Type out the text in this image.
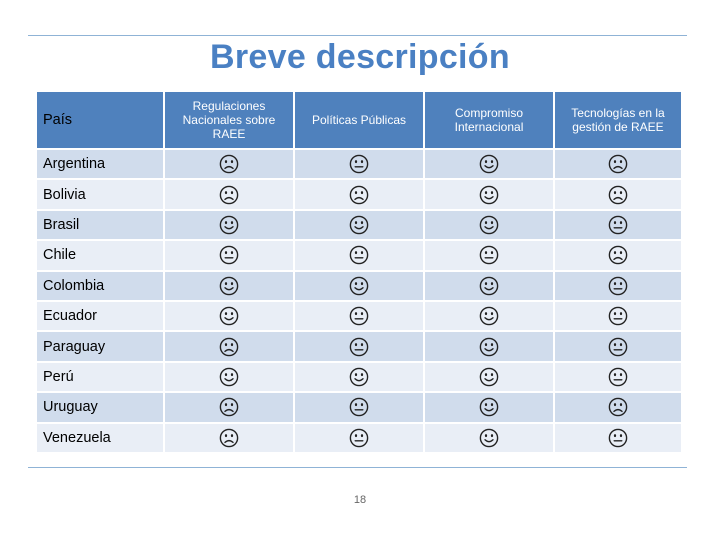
Breve descripción
País
Regulaciones Nacionales sobre RAEE
Políticas Públicas	Compromiso Internacional
Tecnologías en la gestión de RAEE
Argentina
Bolivia
Brasil
Chile
Colombia
Ecuador
Paraguay
Perú
Uruguay
Venezuela
18
